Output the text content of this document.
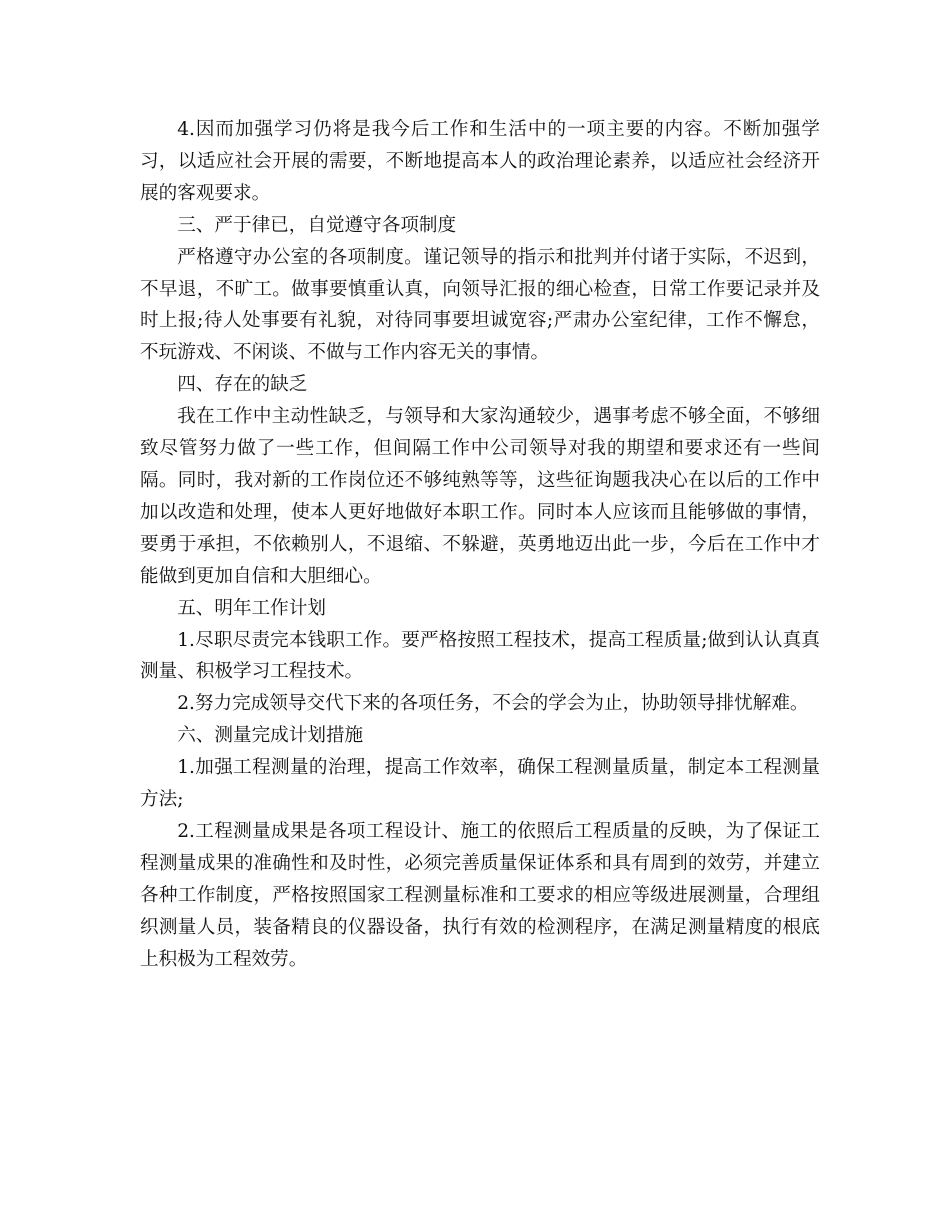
4.因而加强学习仍将是我今后工作和生活中的一项主要的内容。不断加强学习，以适应社会开展的需要，不断地提高本人的政治理论素养，以适应社会经济开展的客观要求。

三、严于律已，自觉遵守各项制度

严格遵守办公室的各项制度。谨记领导的指示和批判并付诸于实际，不迟到，不早退，不旷工。做事要慎重认真，向领导汇报的细心检查，日常工作要记录并及时上报;待人处事要有礼貌，对待同事要坦诚宽容;严肃办公室纪律，工作不懈怠，不玩游戏、不闲谈、不做与工作内容无关的事情。

四、存在的缺乏

我在工作中主动性缺乏，与领导和大家沟通较少，遇事考虑不够全面，不够细致尽管努力做了一些工作，但间隔工作中公司领导对我的期望和要求还有一些间隔。同时，我对新的工作岗位还不够纯熟等等，这些征询题我决心在以后的工作中加以改造和处理，使本人更好地做好本职工作。同时本人应该而且能够做的事情，要勇于承担，不依赖别人，不退缩、不躲避，英勇地迈出此一步，今后在工作中才能做到更加自信和大胆细心。

五、明年工作计划

1.尽职尽责完本钱职工作。要严格按照工程技术，提高工程质量;做到认认真真测量、积极学习工程技术。

2.努力完成领导交代下来的各项任务，不会的学会为止，协助领导排忧解难。

六、测量完成计划措施

1.加强工程测量的治理，提高工作效率，确保工程测量质量，制定本工程测量方法;

2.工程测量成果是各项工程设计、施工的依照后工程质量的反映，为了保证工程测量成果的准确性和及时性，必须完善质量保证体系和具有周到的效劳，并建立各种工作制度，严格按照国家工程测量标准和工要求的相应等级进展测量，合理组织测量人员，装备精良的仪器设备，执行有效的检测程序，在满足测量精度的根底上积极为工程效劳。
